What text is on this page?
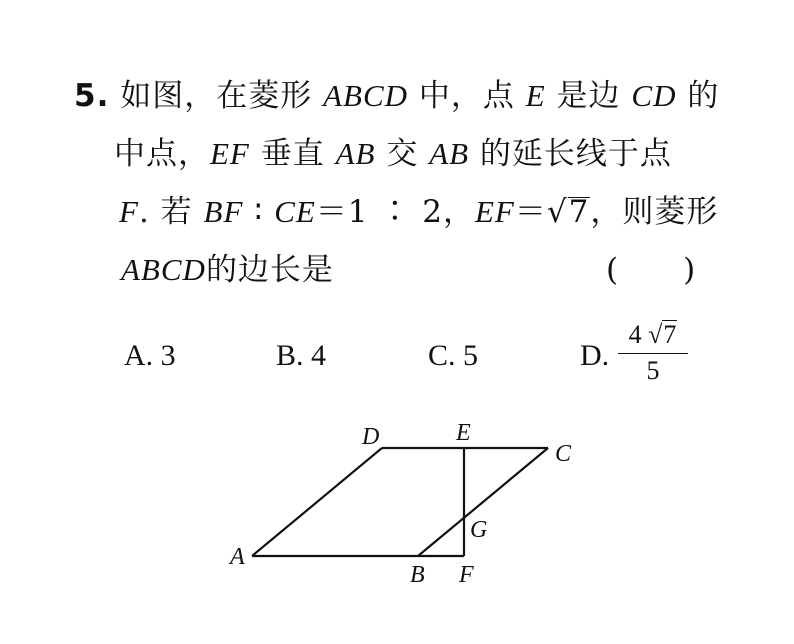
5. 如图，在菱形 ABCD 中，点 E 是边 CD 的
中点，EF 垂直 AB 交 AB 的延长线于点
F. 若 BF ∶ CE＝1 ∶ 2，EF＝√7，则菱形
ABCD的边长是	(　　)
A. 3	B. 4	C. 5	D. $\frac{4 √7}{5}$
A
B
C
D	E
F
G
